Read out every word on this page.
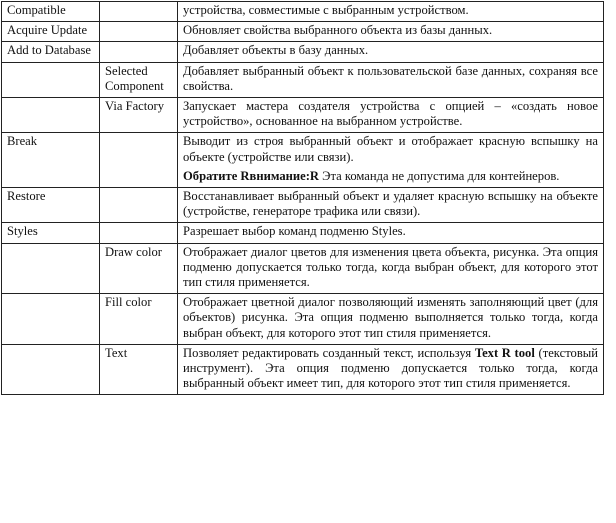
Compatible		устройства, совместимые с выбранным устройством.

Acquire Update		Обновляет свойства выбранного объекта из базы данных.

Add to Database		Добавляет объекты в базу данных.

	Selected Component	Добавляет выбранный объект к пользовательской базе данных, сохраняя все свойства.

	Via Factory	Запускает мастера создателя устройства с опцией – «создать новое устройство», основанное на выбранном устройстве.

Break		Выводит из строя выбранный объект и отображает красную вспышку на объекте (устройстве или связи).

Обратите Rвнимание:R Эта команда не допустима для контейнеров.

Restore		Восстанавливает выбранный объект и удаляет красную вспышку на объекте (устройстве, генераторе трафика или связи).

Styles		Разрешает выбор команд подменю Styles.

	Draw color	Отображает диалог цветов для изменения цвета объекта, рисунка. Эта опция подменю допускается только тогда, когда выбран объект, для которого этот тип стиля применяется.

	Fill color	Отображает цветной диалог позволяющий изменять заполняющий цвет (для объектов) рисунка. Эта опция подменю выполняется только тогда, когда выбран объект, для которого этот тип стиля применяется.

	Text	Позволяет редактировать созданный текст, используя Text R tool (текстовый инструмент). Эта опция подменю допускается только тогда, когда выбранный объект имеет тип, для которого этот тип стиля применяется.
